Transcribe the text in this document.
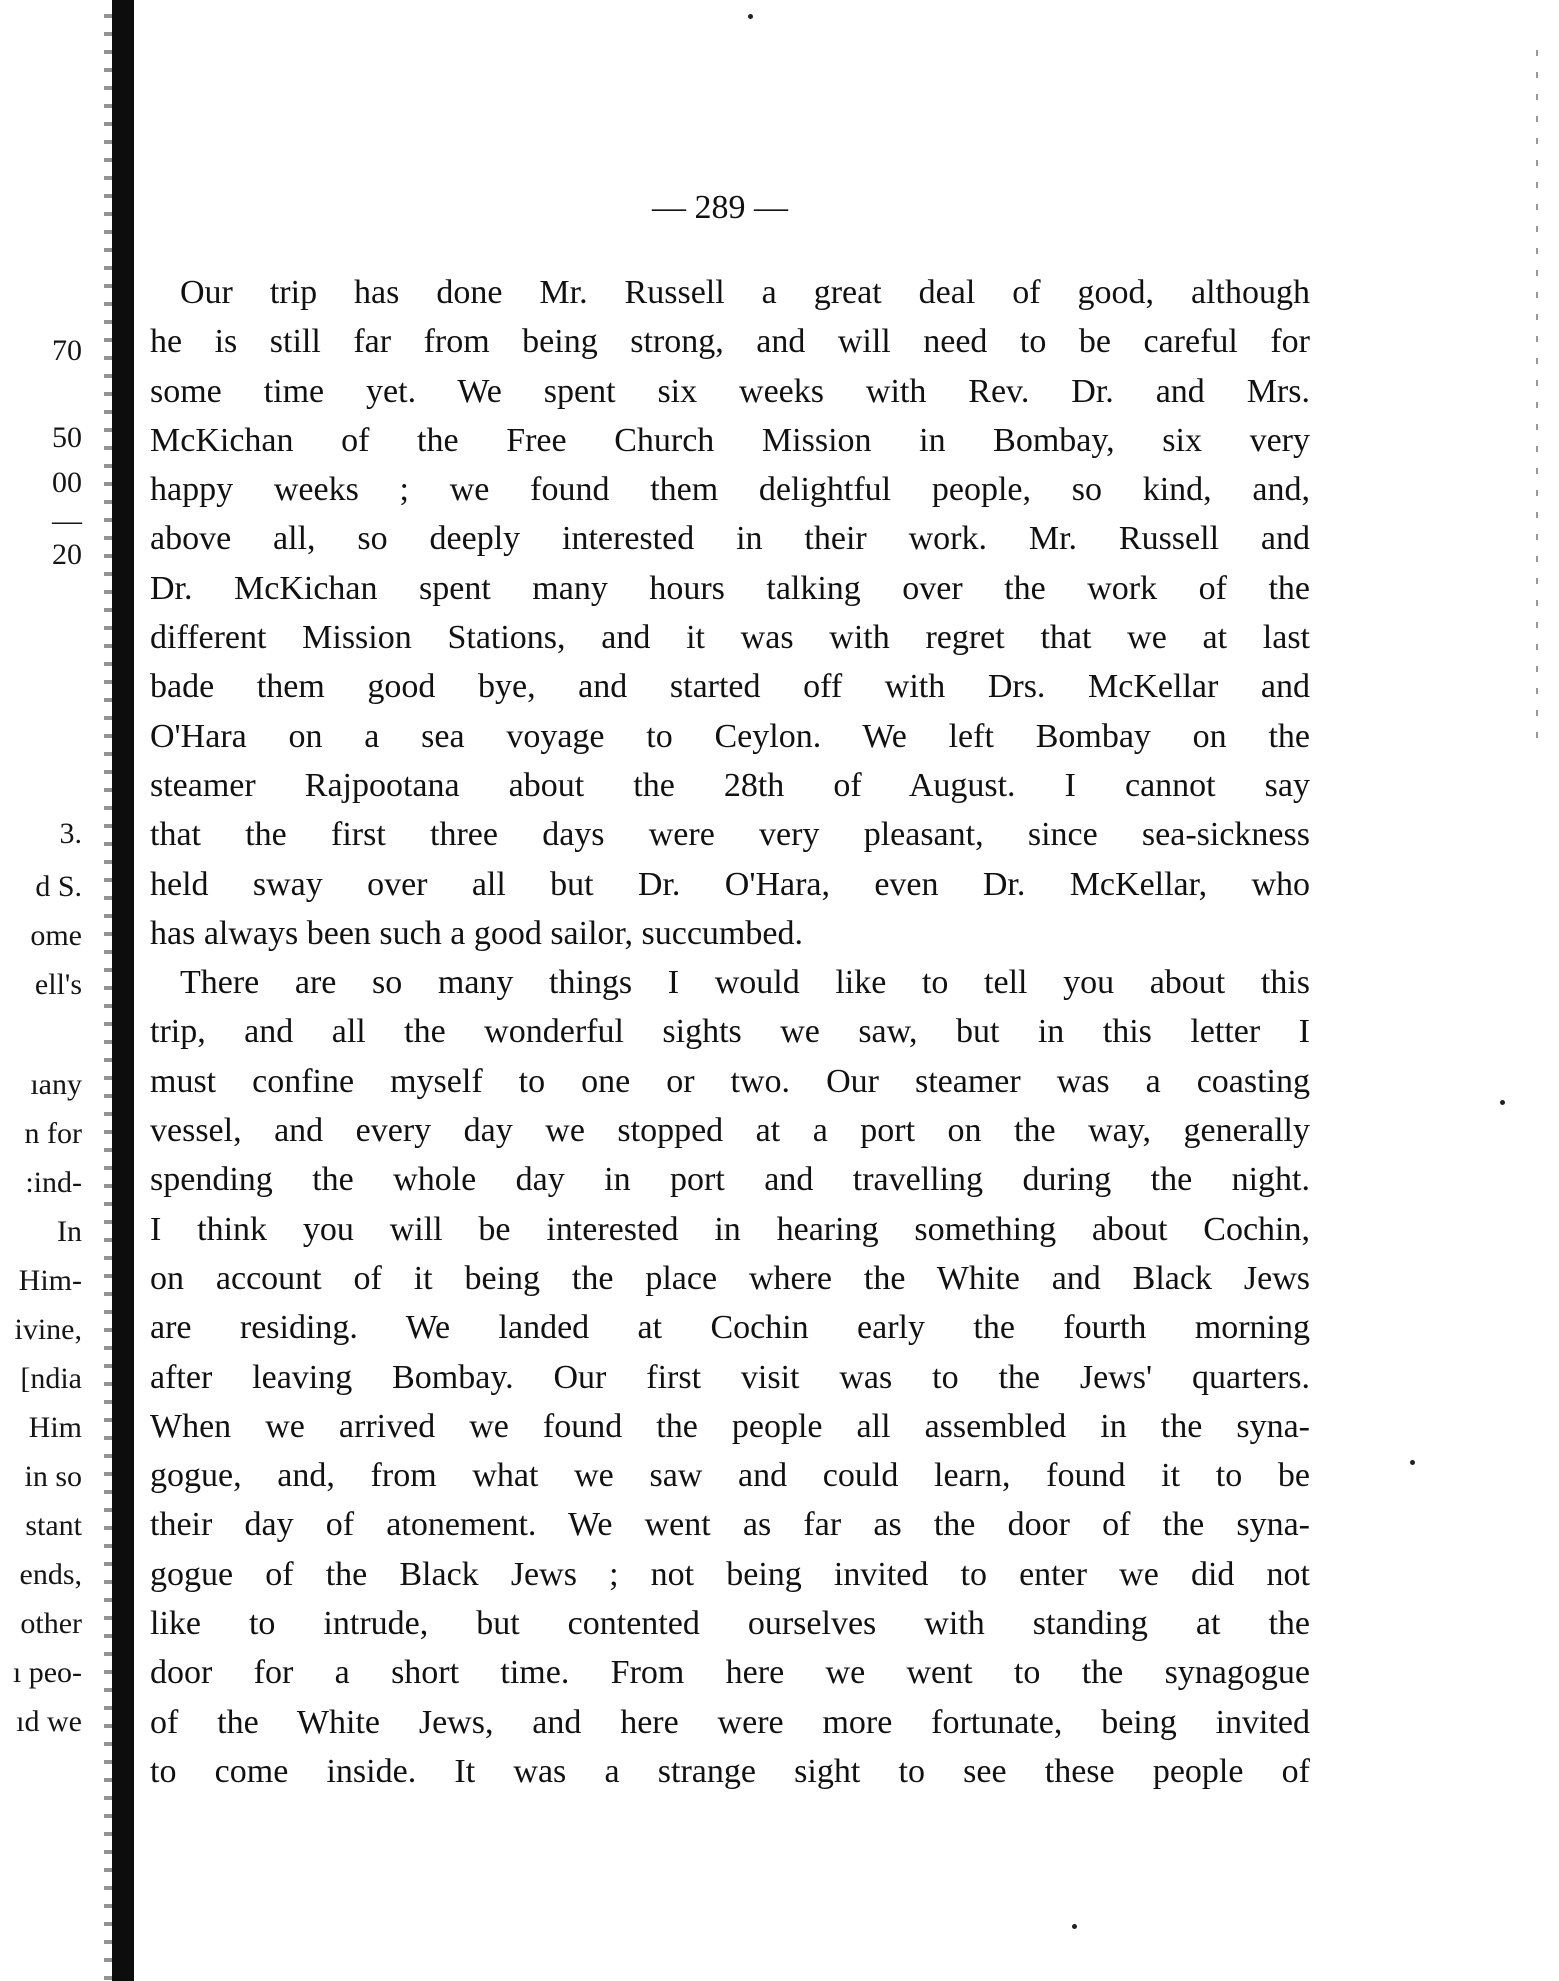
70
50
00
—
20
3.
d S.
ome
ell's
ıany
n for
:ind-
In
Him-
ivine,
[ndia
Him
in so
stant
ends,
other
ı peo-
ıd we
— 289 —
Our trip has done Mr. Russell a great deal of good, although
he is still far from being strong, and will need to be careful for
some time yet. We spent six weeks with Rev. Dr. and Mrs.
McKichan of the Free Church Mission in Bombay, six very
happy weeks ; we found them delightful people, so kind, and,
above all, so deeply interested in their work. Mr. Russell and
Dr. McKichan spent many hours talking over the work of the
different Mission Stations, and it was with regret that we at last
bade them good bye, and started off with Drs. McKellar and
O'Hara on a sea voyage to Ceylon. We left Bombay on the
steamer Rajpootana about the 28th of August. I cannot say
that the first three days were very pleasant, since sea-sickness
held sway over all but Dr. O'Hara, even Dr. McKellar, who
has always been such a good sailor, succumbed.
There are so many things I would like to tell you about this
trip, and all the wonderful sights we saw, but in this letter I
must confine myself to one or two. Our steamer was a coasting
vessel, and every day we stopped at a port on the way, generally
spending the whole day in port and travelling during the night.
I think you will be interested in hearing something about Cochin,
on account of it being the place where the White and Black Jews
are residing. We landed at Cochin early the fourth morning
after leaving Bombay. Our first visit was to the Jews' quarters.
When we arrived we found the people all assembled in the syna-
gogue, and, from what we saw and could learn, found it to be
their day of atonement. We went as far as the door of the syna-
gogue of the Black Jews ; not being invited to enter we did not
like to intrude, but contented ourselves with standing at the
door for a short time. From here we went to the synagogue
of the White Jews, and here were more fortunate, being invited
to come inside. It was a strange sight to see these people of
